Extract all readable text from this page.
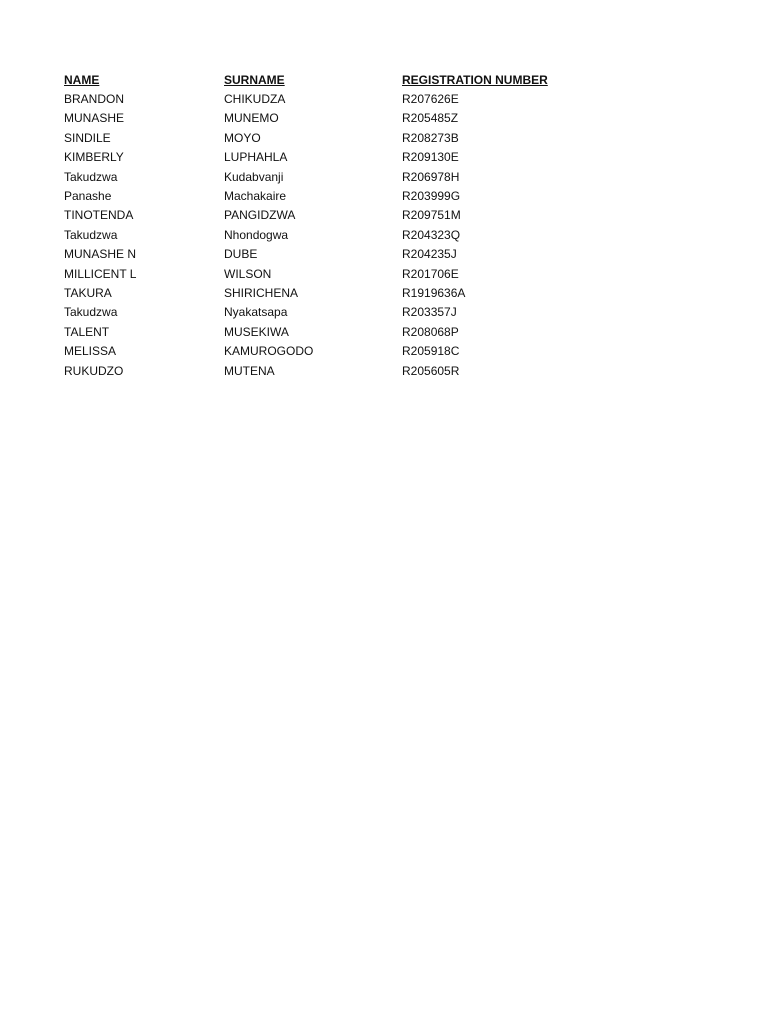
NAME	SURNAME	REGISTRATION NUMBER
BRANDON	CHIKUDZA	R207626E
MUNASHE	MUNEMO	R205485Z
SINDILE	MOYO	R208273B
KIMBERLY	LUPHAHLA	R209130E
Takudzwa	Kudabvanji	R206978H
Panashe	Machakaire	R203999G
TINOTENDA	PANGIDZWA	R209751M
Takudzwa	Nhondogwa	R204323Q
MUNASHE N	DUBE	R204235J
MILLICENT L	WILSON	R201706E
TAKURA	SHIRICHENA	R1919636A
Takudzwa	Nyakatsapa	R203357J
TALENT	MUSEKIWA	R208068P
MELISSA	KAMUROGODO	R205918C
RUKUDZO	MUTENA	R205605R
